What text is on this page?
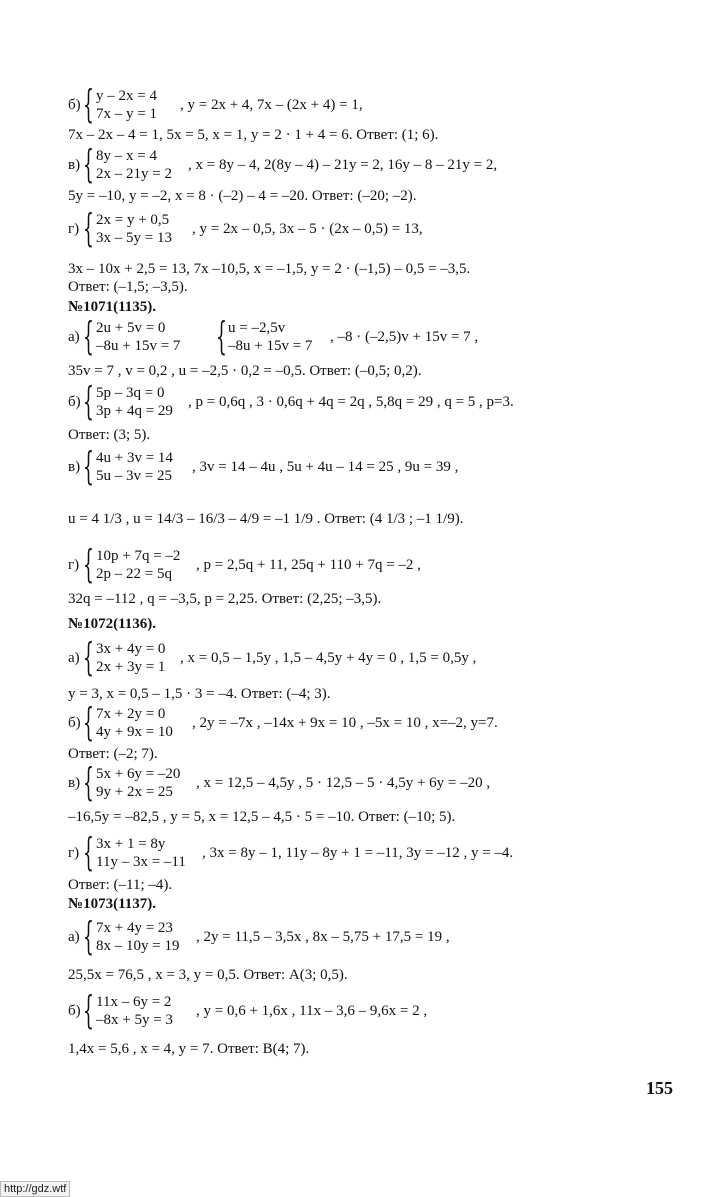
б) { y – 2x = 4
7x – y = 1
, y = 2x + 4, 7x – (2x + 4) = 1,
7x – 2x – 4 = 1, 5x = 5, x = 1, y = 2 · 1 + 4 = 6. Ответ: (1; 6).
в) { 8y – x = 4
2x – 21y = 2
, x = 8y – 4, 2(8y – 4) – 21y = 2, 16y – 8 – 21y = 2,
5y = –10, y = –2, x = 8 · (–2) – 4 = –20. Ответ: (–20; –2).
г) { 2x = y + 0,5
3x – 5y = 13
, y = 2x – 0,5, 3x – 5 · (2x – 0,5) = 13,
3x – 10x + 2,5 = 13, 7x –10,5, x = –1,5, y = 2 · (–1,5) – 0,5 = –3,5.
Ответ: (–1,5; –3,5).
№1071(1135).
а) { 2u + 5v = 0
–8u + 15v = 7 { u = –2,5v
–8u + 15v = 7
, –8 · (–2,5)v + 15v = 7 ,
35v = 7 , v = 0,2 , u = –2,5 · 0,2 = –0,5. Ответ: (–0,5; 0,2).
б) { 5p – 3q = 0
3p + 4q = 29
, p = 0,6q , 3 · 0,6q + 4q = 2q , 5,8q = 29 , q = 5 , p=3.
Ответ: (3; 5).
в) { 4u + 3v = 14
5u – 3v = 25
, 3v = 14 – 4u , 5u + 4u – 14 = 25 , 9u = 39 ,
u = 4 1/3 , u = 14/3 – 16/3 – 4/9 = –1 1/9 . Ответ: (4 1/3 ; –1 1/9).
г) { 10p + 7q = –2
2p – 22 = 5q
, p = 2,5q + 11, 25q + 110 + 7q = –2 ,
32q = –112 , q = –3,5, p = 2,25. Ответ: (2,25; –3,5).
№1072(1136).
а) { 3x + 4y = 0
2x + 3y = 1
, x = 0,5 – 1,5y , 1,5 – 4,5y + 4y = 0 , 1,5 = 0,5y ,
y = 3, x = 0,5 – 1,5 · 3 = –4. Ответ: (–4; 3).
б) { 7x + 2y = 0
4y + 9x = 10
, 2y = –7x , –14x + 9x = 10 , –5x = 10 , x=–2, y=7.
Ответ: (–2; 7).
в) { 5x + 6y = –20
9y + 2x = 25
, x = 12,5 – 4,5y , 5 · 12,5 – 5 · 4,5y + 6y = –20 ,
–16,5y = –82,5 , y = 5, x = 12,5 – 4,5 · 5 = –10. Ответ: (–10; 5).
г) { 3x + 1 = 8y
11y – 3x = –11
, 3x = 8y – 1, 11y – 8y + 1 = –11, 3y = –12 , y = –4.
Ответ: (–11; –4).
№1073(1137).
а) { 7x + 4y = 23
8x – 10y = 19
, 2y = 11,5 – 3,5x , 8x – 5,75 + 17,5 = 19 ,
25,5x = 76,5 , x = 3, y = 0,5. Ответ: A(3; 0,5).
б) { 11x – 6y = 2
–8x + 5y = 3
, y = 0,6 + 1,6x , 11x – 3,6 – 9,6x = 2 ,
1,4x = 5,6 , x = 4, y = 7. Ответ: B(4; 7).
155
http://gdz.wtf
